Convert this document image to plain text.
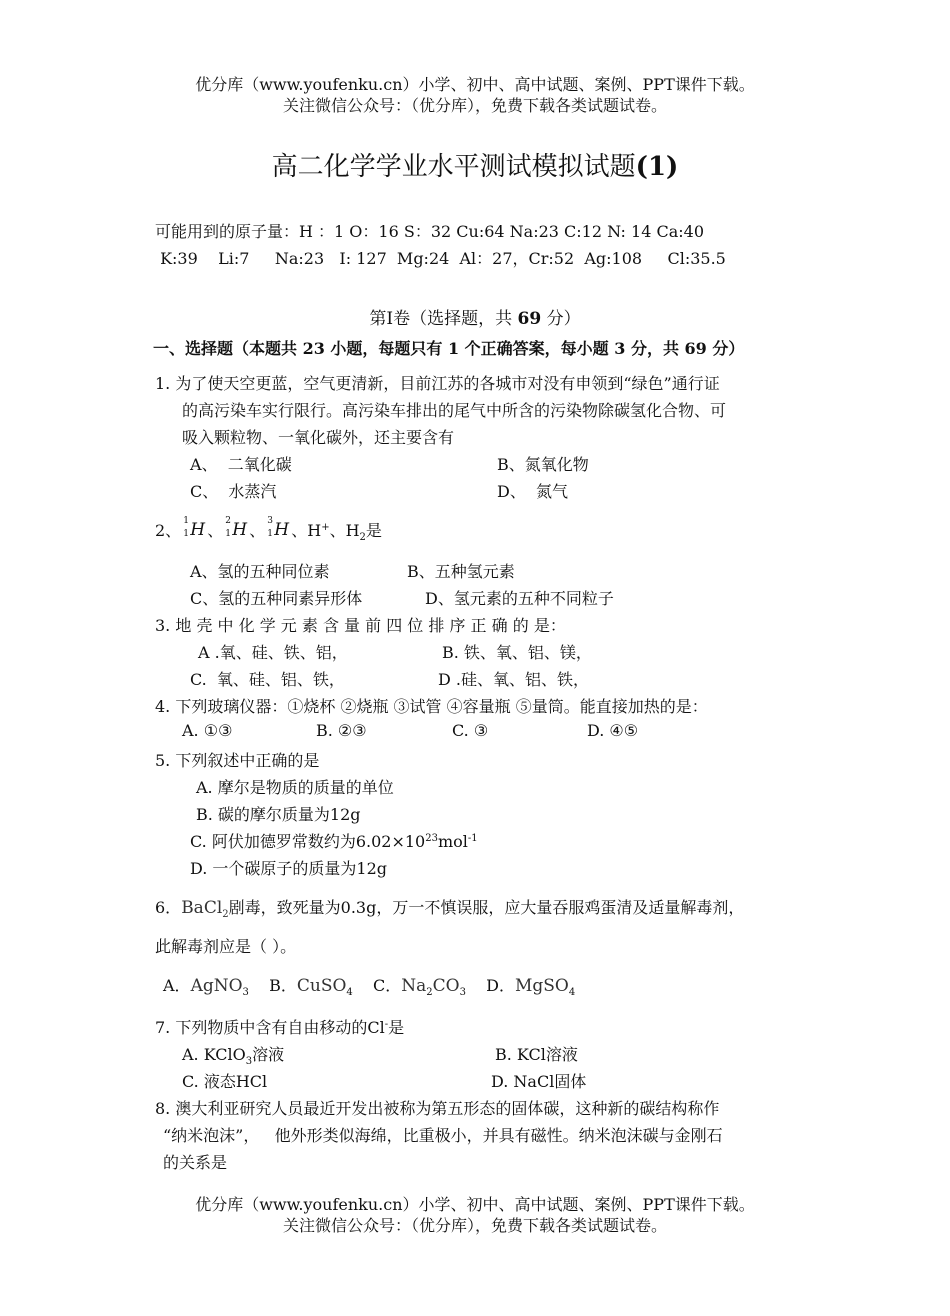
优分库（www.youfenku.cn）小学、初中、高中试题、案例、PPT课件下载。
关注微信公众号：（优分库），免费下载各类试题试卷。
高二化学学业水平测试模拟试题(1)
可能用到的原子量：H ：1 O：16 S：32 Cu:64 Na:23 C:12 N: 14 Ca:40
K:39    Li:7     Na:23   I: 127  Mg:24  Al：27，Cr:52  Ag:108     Cl:35.5
第Ⅰ卷（选择题，共 69 分）
一、选择题（本题共 23 小题，每题只有 1 个正确答案，每小题 3 分，共 69 分）
1. 为了使天空更蓝，空气更清新，目前江苏的各城市对没有申领到“绿色”通行证
的高污染车实行限行。高污染车排出的尾气中所含的污染物除碳氢化合物、可
吸入颗粒物、一氧化碳外，还主要含有
A、  二氧化碳	B、氮氧化物
C、  水蒸汽	D、  氮气
2、 1
1 H 、 2
1 H 、 3
1 H 、H+、$H_2$是
A、氢的五种同位素	B、五种氢元素
C、氢的五种同素异形体	D、氢元素的五种不同粒子
3. 地 壳 中 化 学 元 素 含 量 前 四 位 排 序 正 确 的 是：
A .氧、硅、铁、铝，	B. 铁、氧、铝、镁，
C.  氧、硅、铝、铁，	D .硅、氧、铝、铁，
4. 下列玻璃仪器：①烧杯 ②烧瓶 ③试管 ④容量瓶 ⑤量筒。能直接加热的是：
A. ①③	B. ②③	C. ③	D. ④⑤
5. 下列叙述中正确的是
A. 摩尔是物质的质量的单位
B. 碳的摩尔质量为12g
C. 阿伏加德罗常数约为$6.02\times 10^{23}mol^{-1}$
D. 一个碳原子的质量为12g
6．BaCl$_2$剧毒，致死量为0.3g，万一不慎误服，应大量吞服鸡蛋清及适量解毒剂，
此解毒剂应是（ ）。
A．AgNO$_3$ B．CuSO$_4$ C．$Na_2CO_3$ D．MgSO$_4$
7. 下列物质中含有自由移动的Cl-是
A. KClO$_3$溶液	B. KCl溶液
C. 液态HCl	D. NaCl固体
8. 澳大利亚研究人员最近开发出被称为第五形态的固体碳，这种新的碳结构称作
“纳米泡沫”，   他外形类似海绵，比重极小，并具有磁性。纳米泡沫碳与金刚石
的关系是
优分库（www.youfenku.cn）小学、初中、高中试题、案例、PPT课件下载。
关注微信公众号：（优分库），免费下载各类试题试卷。
